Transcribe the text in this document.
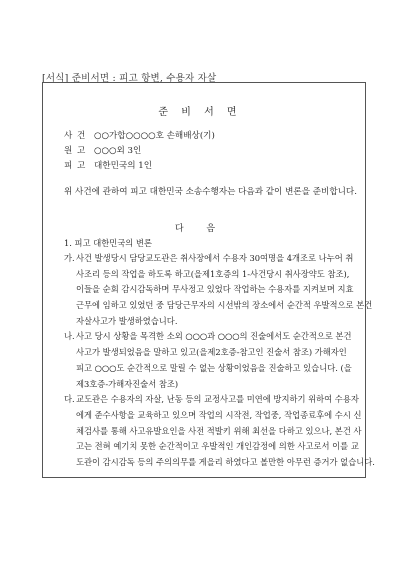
[서식] 준비서면 : 피고 항변, 수용자 자살
준 비 서 면
사 건 ○○가합○○○○호 손해배상(기)
원 고 ○○○외 3인
피 고 대한민국의 1인
위 사건에 관하여 피고 대한민국 소송수행자는 다음과 같이 변론을 준비합니다.
다 음
1. 피고 대한민국의 변론
가. 사건 발생당시 담당교도관은 취사장에서 수용자 30여명을 4개조로 나누어 취
사조리 등의 작업을 하도록 하고(을제1호증의 1-사건당시 취사장약도 참조),
이들을 순회 감시감독하며 무사정고 있었다 작업하는 수용자를 지켜보며 지효
근무에 임하고 있었던 중 담당근무자의 시선밖의 장소에서 순간적 우발적으로 본건
자살사고가 발생하였습니다.
나. 사고 당시 상황을 목격한 소외 ○○○과 ○○○의 진술에서도 순간적으로 본건
사고가 발생되었음을 말하고 있고(을제2호증-참고인 진술서 참조) 가해자인
피고 ○○○도 순간적으로 말릴 수 없는 상황이었음을 진술하고 있습니다. (을
제3호증-가해자진술서 참조)
다. 교도관은 수용자의 자살, 난동 등의 교정사고를 미연에 방지하기 위하여 수용자
에게 준수사항을 교육하고 있으며 작업의 시작전, 작업중, 작업종료후에 수시 신
체검사를 통해 사고유발요인을 사전 적발키 위해 최선을 다하고 있으나, 본건 사
고는 전혀 예기치 못한 순간적이고 우발적인 개인감정에 의한 사고로서 이를 교
도관이 감시감독 등의 주의의무를 게을리 하였다고 볼만한 아무런 증거가 없습니다.
